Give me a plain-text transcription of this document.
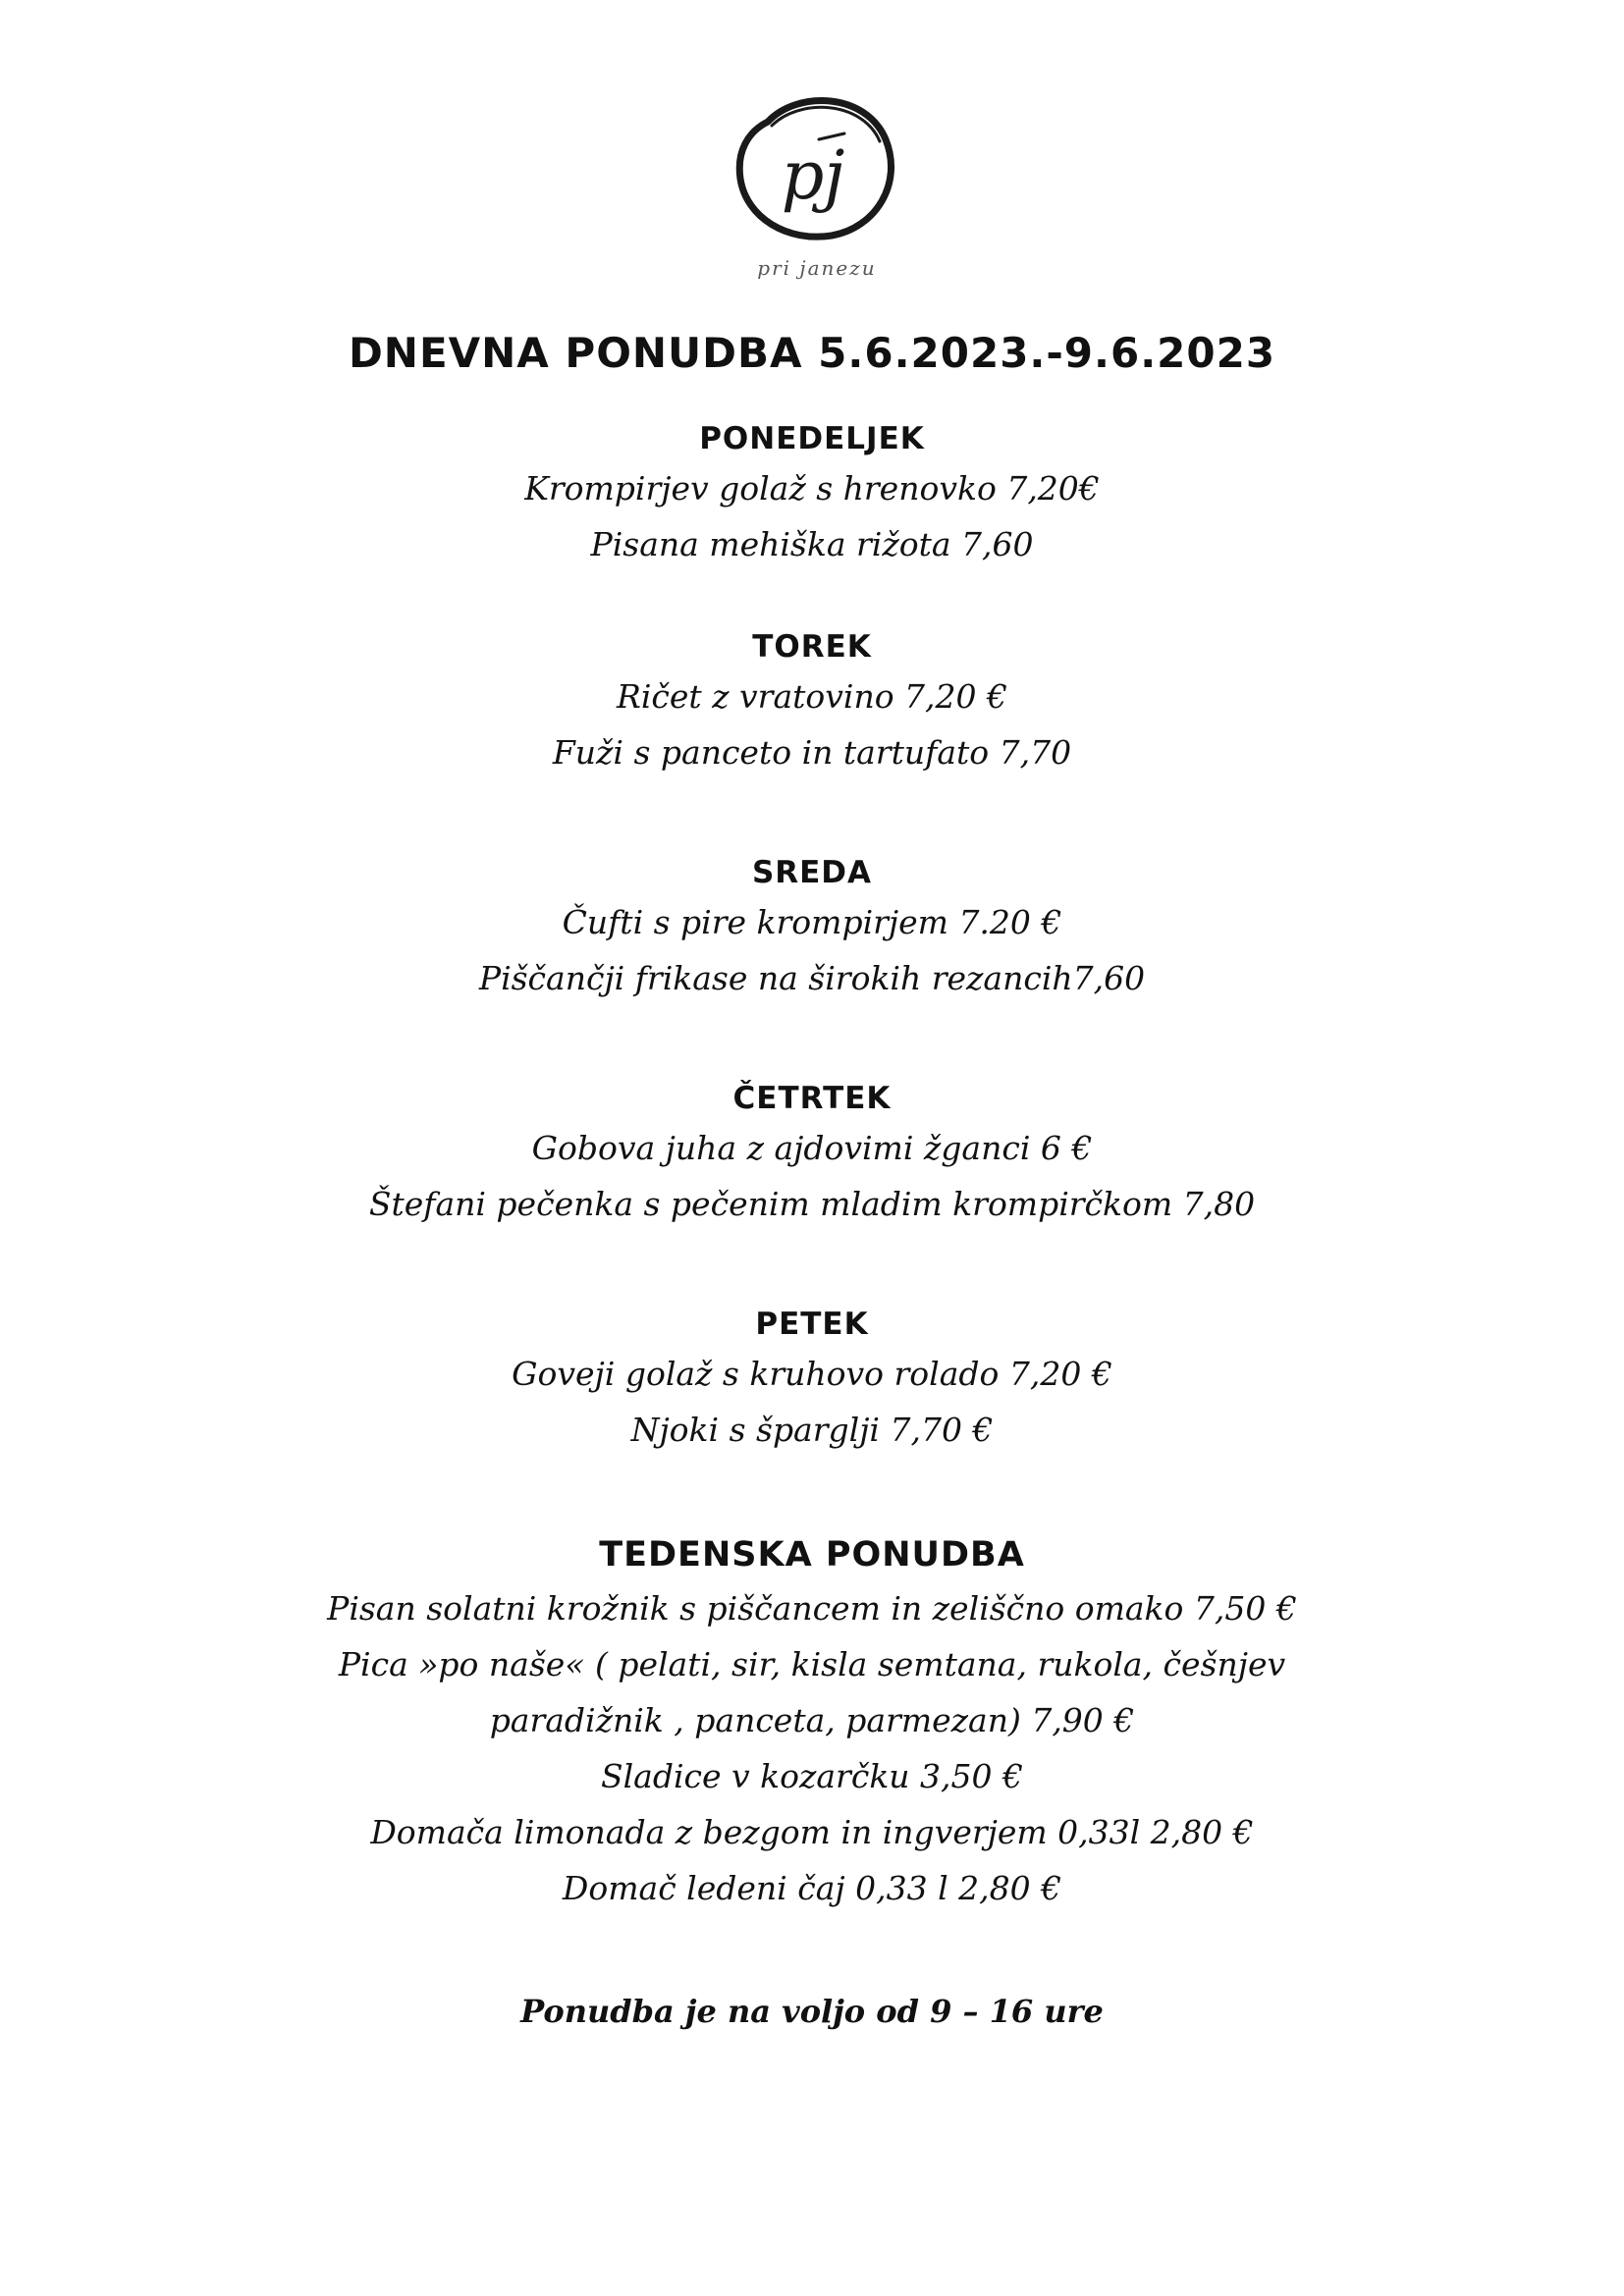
pj
pri janezu
DNEVNA PONUDBA 5.6.2023.-9.6.2023
PONEDELJEK
Krompirjev golaž s hrenovko 7,20€
Pisana mehiška rižota 7,60
TOREK
Ričet z vratovino 7,20 €
Fuži s panceto in tartufato 7,70
SREDA
Čufti s pire krompirjem 7.20 €
Piščančji frikase na širokih rezancih7,60
ČETRTEK
Gobova juha z ajdovimi žganci 6 €
Štefani pečenka s pečenim mladim krompirčkom 7,80
PETEK
Goveji golaž s kruhovo rolado 7,20 €
Njoki s šparglji 7,70 €
TEDENSKA PONUDBA
Pisan solatni krožnik s piščancem in zeliščno omako 7,50 €
Pica »po naše« ( pelati, sir, kisla semtana, rukola, češnjev
paradižnik , panceta, parmezan) 7,90 €
Sladice v kozarčku 3,50 €
Domača limonada z bezgom in ingverjem 0,33l 2,80 €
Domač ledeni čaj 0,33 l 2,80 €
Ponudba je na voljo od 9 – 16 ure
